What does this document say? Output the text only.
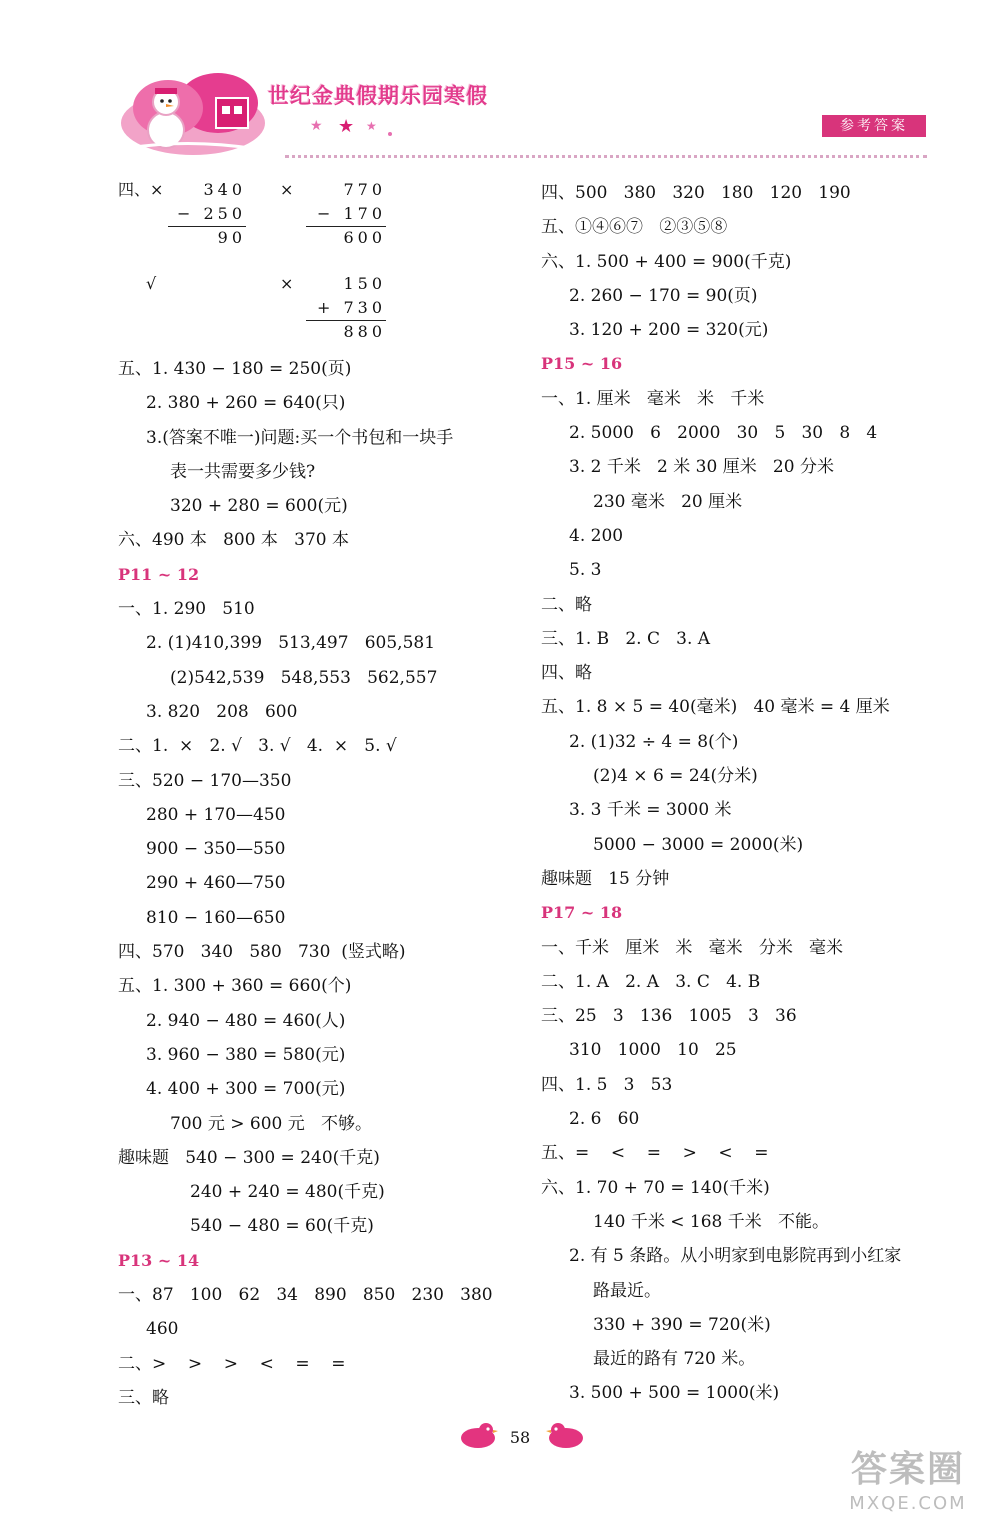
世纪金典假期乐园寒假
★ ★ ★	参考答案
四、×	340
− 250
90
×	770
− 170
600
√	×	150
+ 730
880
五、1. 430 − 180 = 250(页)
2. 380 + 260 = 640(只)
3.(答案不唯一)问题:买一个书包和一块手
表一共需要多少钱?
320 + 280 = 600(元)
六、490 本   800 本   370 本
P11 ~ 12
一、1. 290   510
2. (1)410,399   513,497   605,581
(2)542,539   548,553   562,557
3. 820   208   600
二、1.  ×   2. √   3. √   4.  ×   5. √
三、520 − 170—350
280 + 170—450
900 − 350—550
290 + 460—750
810 − 160—650
四、570   340   580   730  (竖式略)
五、1. 300 + 360 = 660(个)
2. 940 − 480 = 460(人)
3. 960 − 380 = 580(元)
4. 400 + 300 = 700(元)
700 元 > 600 元   不够。
趣味题   540 − 300 = 240(千克)
240 + 240 = 480(千克)
540 − 480 = 60(千克)
P13 ~ 14
一、87   100   62   34   890   850   230   380
460
二、>    >    >    <    =    =
三、略
四、500   380   320   180   120   190
五、①④⑥⑦   ②③⑤⑧
六、1. 500 + 400 = 900(千克)
2. 260 − 170 = 90(页)
3. 120 + 200 = 320(元)
P15 ~ 16
一、1. 厘米   毫米   米   千米
2. 5000   6   2000   30   5   30   8   4
3. 2 千米   2 米 30 厘米   20 分米
230 毫米   20 厘米
4. 200
5. 3
二、略
三、1. B   2. C   3. A
四、略
五、1. 8 × 5 = 40(毫米)   40 毫米 = 4 厘米
2. (1)32 ÷ 4 = 8(个)
(2)4 × 6 = 24(分米)
3. 3 千米 = 3000 米
5000 − 3000 = 2000(米)
趣味题   15 分钟
P17 ~ 18
一、千米   厘米   米   毫米   分米   毫米
二、1. A   2. A   3. C   4. B
三、25   3   136   1005   3   36
310   1000   10   25
四、1. 5   3   53
2. 6   60
五、=    <    =    >    <    =
六、1. 70 + 70 = 140(千米)
140 千米 < 168 千米   不能。
2. 有 5 条路。从小明家到电影院再到小红家
路最近。
330 + 390 = 720(米)
最近的路有 720 米。
3. 500 + 500 = 1000(米)
58
答案圈
MXQE.COM
